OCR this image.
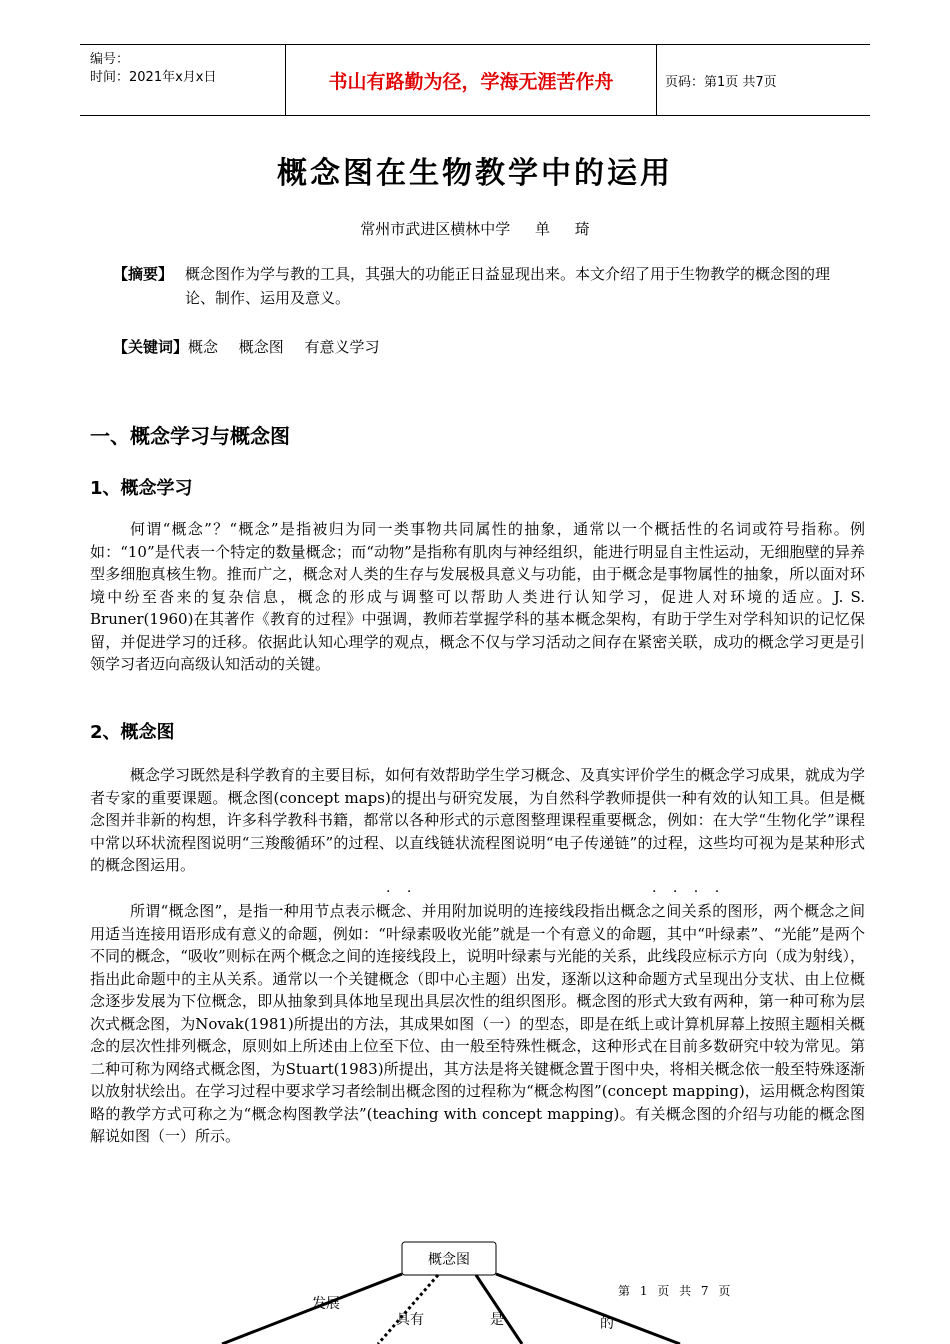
编号：
时间：2021年x月x日	书山有路勤为径，学海无涯苦作舟	页码：第1页 共7页
概念图在生物教学中的运用
常州市武进区横林中学 单 琦
【摘要】 概念图作为学与教的工具，其强大的功能正日益显现出来。本文介绍了用于生物教学的概念图的理论、制作、运用及意义。
【关键词】概念 概念图 有意义学习
一、概念学习与概念图
1、概念学习

何谓“概念”？“概念”是指被归为同一类事物共同属性的抽象，通常以一个概括性的名词或符号指称。例如：“10”是代表一个特定的数量概念；而“动物”是指称有肌肉与神经组织，能进行明显自主性运动，无细胞壁的异养型多细胞真核生物。推而广之，概念对人类的生存与发展极具意义与功能，由于概念是事物属性的抽象，所以面对环境中纷至沓来的复杂信息，概念的形成与调整可以帮助人类进行认知学习，促进人对环境的适应。J. S. Bruner(1960)在其著作《教育的过程》中强调，教师若掌握学科的基本概念架构，有助于学生对学科知识的记忆保留，并促进学习的迁移。依据此认知心理学的观点，概念不仅与学习活动之间存在紧密关联，成功的概念学习更是引领学习者迈向高级认知活动的关键。

2、概念图

概念学习既然是科学教育的主要目标，如何有效帮助学生学习概念、及真实评价学生的概念学习成果，就成为学者专家的重要课题。概念图(concept maps)的提出与研究发展，为自然科学教师提供一种有效的认知工具。但是概念图并非新的构想，许多科学教科书籍，都常以各种形式的示意图整理课程重要概念，例如：在大学“生物化学”课程中常以环状流程图说明“三羧酸循环”的过程、以直线链状流程图说明“电子传递链”的过程，这些均可视为是某种形式的概念图运用。

. .	. . . .

所谓“概念图”，是指一种用节点表示概念、并用附加说明的连接线段指出概念之间关系的图形，两个概念之间用适当连接用语形成有意义的命题，例如：“叶绿素吸收光能”就是一个有意义的命题，其中“叶绿素”、“光能”是两个不同的概念，“吸收”则标在两个概念之间的连接线段上，说明叶绿素与光能的关系，此线段应标示方向（成为射线），指出此命题中的主从关系。通常以一个关键概念（即中心主题）出发，逐渐以这种命题方式呈现出分支状、由上位概念逐步发展为下位概念，即从抽象到具体地呈现出具层次性的组织图形。概念图的形式大致有两种，第一种可称为层次式概念图，为Novak(1981)所提出的方法，其成果如图（一）的型态，即是在纸上或计算机屏幕上按照主题相关概念的层次性排列概念，原则如上所述由上位至下位、由一般至特殊性概念，这种形式在目前多数研究中较为常见。第二种可称为网络式概念图，为Stuart(1983)所提出，其方法是将关键概念置于图中央，将相关概念依一般至特殊逐渐以放射状绘出。在学习过程中要求学习者绘制出概念图的过程称为“概念构图”(concept mapping)，运用概念构图策略的教学方式可称之为“概念构图教学法”(teaching with concept mapping)。有关概念图的介绍与功能的概念图解说如图（一）所示。

概念图
发展
具有	是	的
第 1 页 共 7 页
